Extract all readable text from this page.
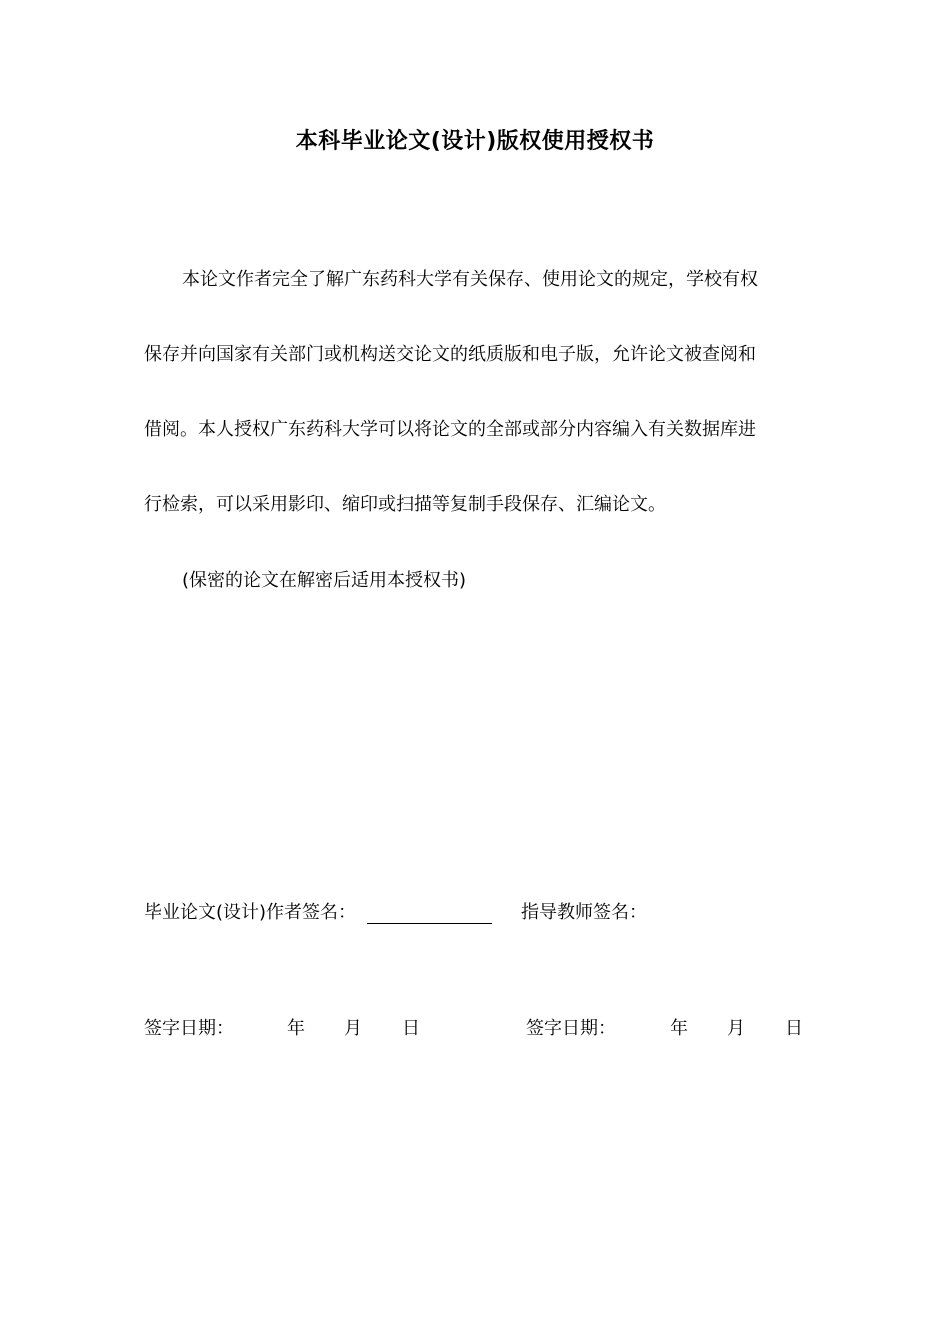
本科毕业论文(设计)版权使用授权书
本论文作者完全了解广东药科大学有关保存、使用论文的规定，学校有权
保存并向国家有关部门或机构送交论文的纸质版和电子版，允许论文被查阅和
借阅。本人授权广东药科大学可以将论文的全部或部分内容编入有关数据库进
行检索，可以采用影印、缩印或扫描等复制手段保存、汇编论文。
(保密的论文在解密后适用本授权书)
毕业论文(设计)作者签名：	指导教师签名：
签字日期：	年 月 日	签字日期：	年 月 日
